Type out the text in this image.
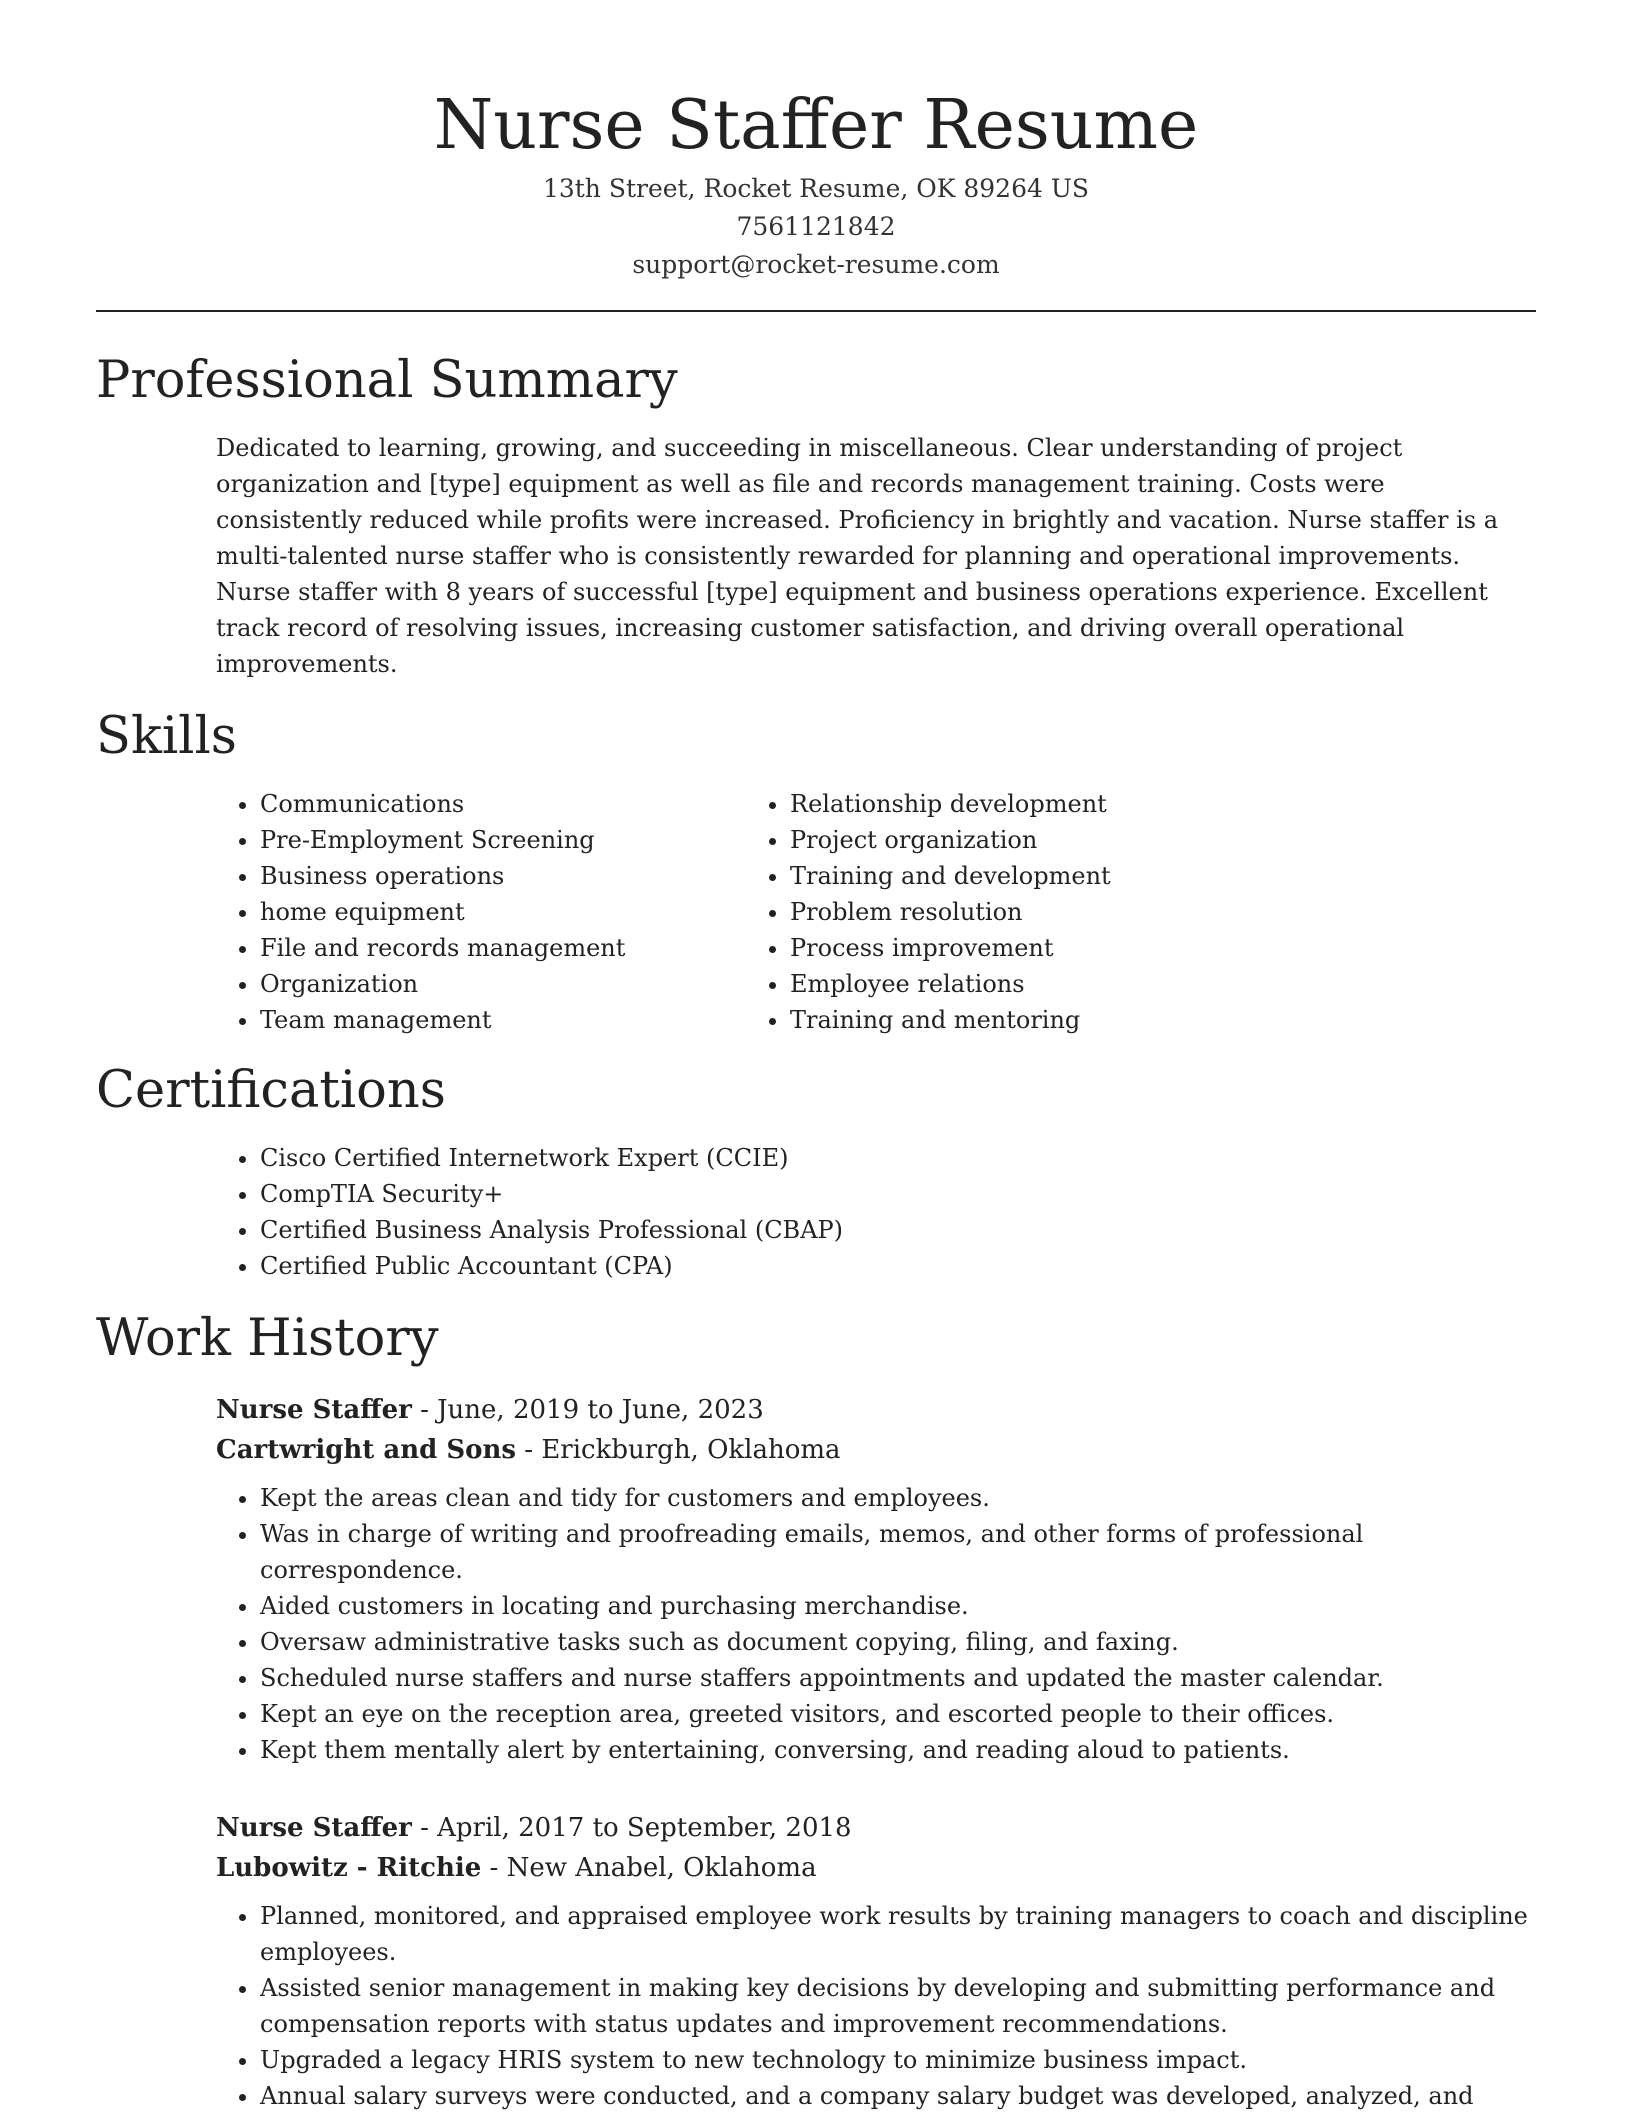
Nurse Staffer Resume
13th Street, Rocket Resume, OK 89264 US
7561121842
support@rocket-resume.com
Professional Summary

Dedicated to learning, growing, and succeeding in miscellaneous. Clear understanding of project organization and [type] equipment as well as file and records management training. Costs were consistently reduced while profits were increased. Proficiency in brightly and vacation. Nurse staffer is a multi-talented nurse staffer who is consistently rewarded for planning and operational improvements. Nurse staffer with 8 years of successful [type] equipment and business operations experience. Excellent track record of resolving issues, increasing customer satisfaction, and driving overall operational improvements.

Skills
• Communications
• Pre-Employment Screening
• Business operations
• home equipment
• File and records management
• Organization
• Team management
• Relationship development
• Project organization
• Training and development
• Problem resolution
• Process improvement
• Employee relations
• Training and mentoring
Certifications
• Cisco Certified Internetwork Expert (CCIE)
• CompTIA Security+
• Certified Business Analysis Professional (CBAP)
• Certified Public Accountant (CPA)
Work History
Nurse Staffer - June, 2019 to June, 2023
Cartwright and Sons - Erickburgh, Oklahoma
• Kept the areas clean and tidy for customers and employees.
• Was in charge of writing and proofreading emails, memos, and other forms of professional correspondence.
• Aided customers in locating and purchasing merchandise.
• Oversaw administrative tasks such as document copying, filing, and faxing.
• Scheduled nurse staffers and nurse staffers appointments and updated the master calendar.
• Kept an eye on the reception area, greeted visitors, and escorted people to their offices.
• Kept them mentally alert by entertaining, conversing, and reading aloud to patients.
Nurse Staffer - April, 2017 to September, 2018
Lubowitz - Ritchie - New Anabel, Oklahoma
• Planned, monitored, and appraised employee work results by training managers to coach and discipline employees.
• Assisted senior management in making key decisions by developing and submitting performance and compensation reports with status updates and improvement recommendations.
• Upgraded a legacy HRIS system to new technology to minimize business impact.
• Annual salary surveys were conducted, and a company salary budget was developed, analyzed, and
